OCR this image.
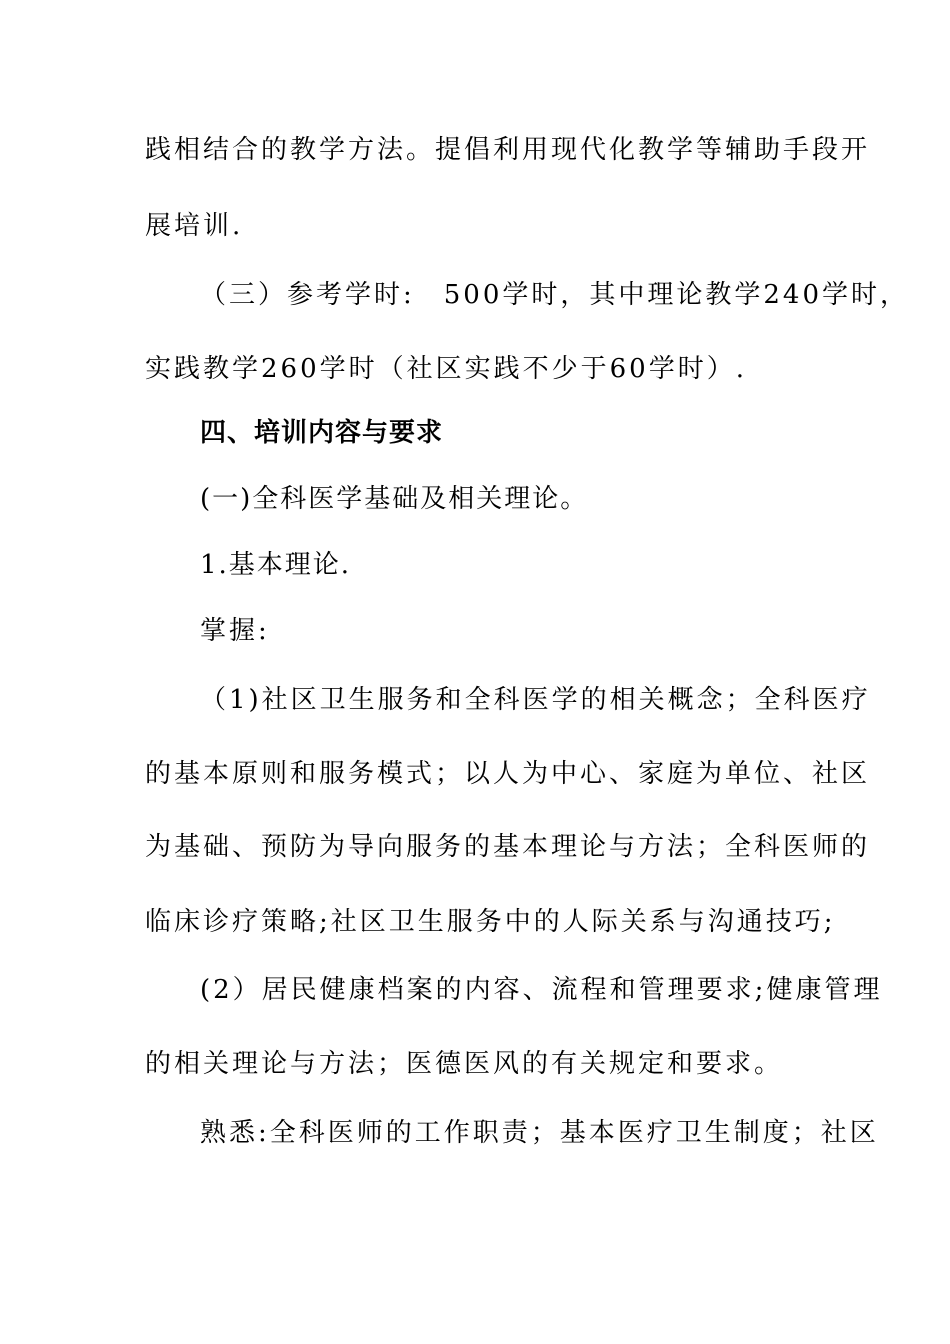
践相结合的教学方法。提倡利用现代化教学等辅助手段开
展培训.
（三）参考学时:　500学时，其中理论教学240学时，
实践教学260学时（社区实践不少于60学时）.
四、培训内容与要求
(一)全科医学基础及相关理论。
1.基本理论.
掌握:
（1)社区卫生服务和全科医学的相关概念；全科医疗
的基本原则和服务模式；以人为中心、家庭为单位、社区
为基础、预防为导向服务的基本理论与方法；全科医师的
临床诊疗策略;社区卫生服务中的人际关系与沟通技巧;
(2）居民健康档案的内容、流程和管理要求;健康管理
的相关理论与方法；医德医风的有关规定和要求。
熟悉:全科医师的工作职责；基本医疗卫生制度；社区
